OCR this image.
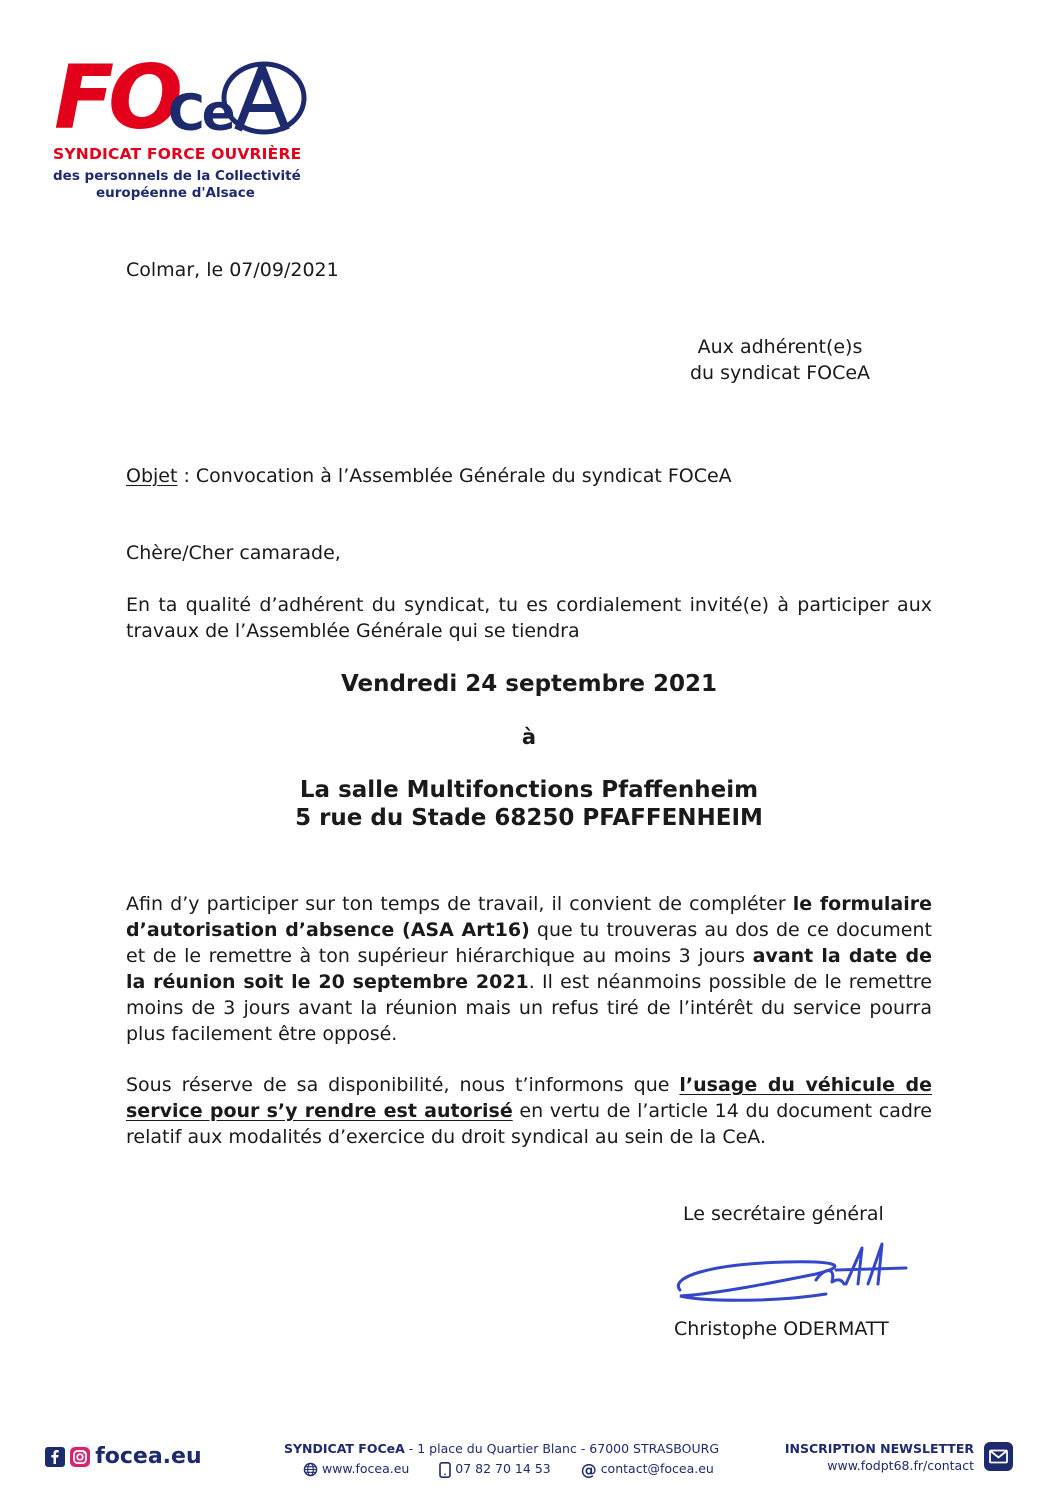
FO
Ce
SYNDICAT FORCE OUVRIÈRE
des personnels de la Collectivité
européenne d'Alsace
Colmar, le 07/09/2021
Aux adhérent(e)s
du syndicat FOCeA
Objet : Convocation à l’Assemblée Générale du syndicat FOCeA
Chère/Cher camarade,
En ta qualité d’adhérent du syndicat, tu es cordialement invité(e) à participer aux travaux de l’Assemblée Générale qui se tiendra
Vendredi 24 septembre 2021
à
La salle Multifonctions Pfaffenheim
5 rue du Stade 68250 PFAFFENHEIM
Afin d’y participer sur ton temps de travail, il convient de compléter le formulaire d’autorisation d’absence (ASA Art16) que tu trouveras au dos de ce document et de le remettre à ton supérieur hiérarchique au moins 3 jours avant la date de la réunion soit le 20 septembre 2021. Il est néanmoins possible de le remettre moins de 3 jours avant la réunion mais un refus tiré de l’intérêt du service pourra plus facilement être opposé.
Sous réserve de sa disponibilité, nous t’informons que l’usage du véhicule de service pour s’y rendre est autorisé en vertu de l’article 14 du document cadre relatif aux modalités d’exercice du droit syndical au sein de la CeA.
Le secrétaire général
Christophe ODERMATT
focea.eu	SYNDICAT FOCeA - 1 place du Quartier Blanc - 67000 STRASBOURG
www.focea.eu	07 82 70 14 53 @ contact@focea.eu
INSCRIPTION NEWSLETTER
www.fodpt68.fr/contact
